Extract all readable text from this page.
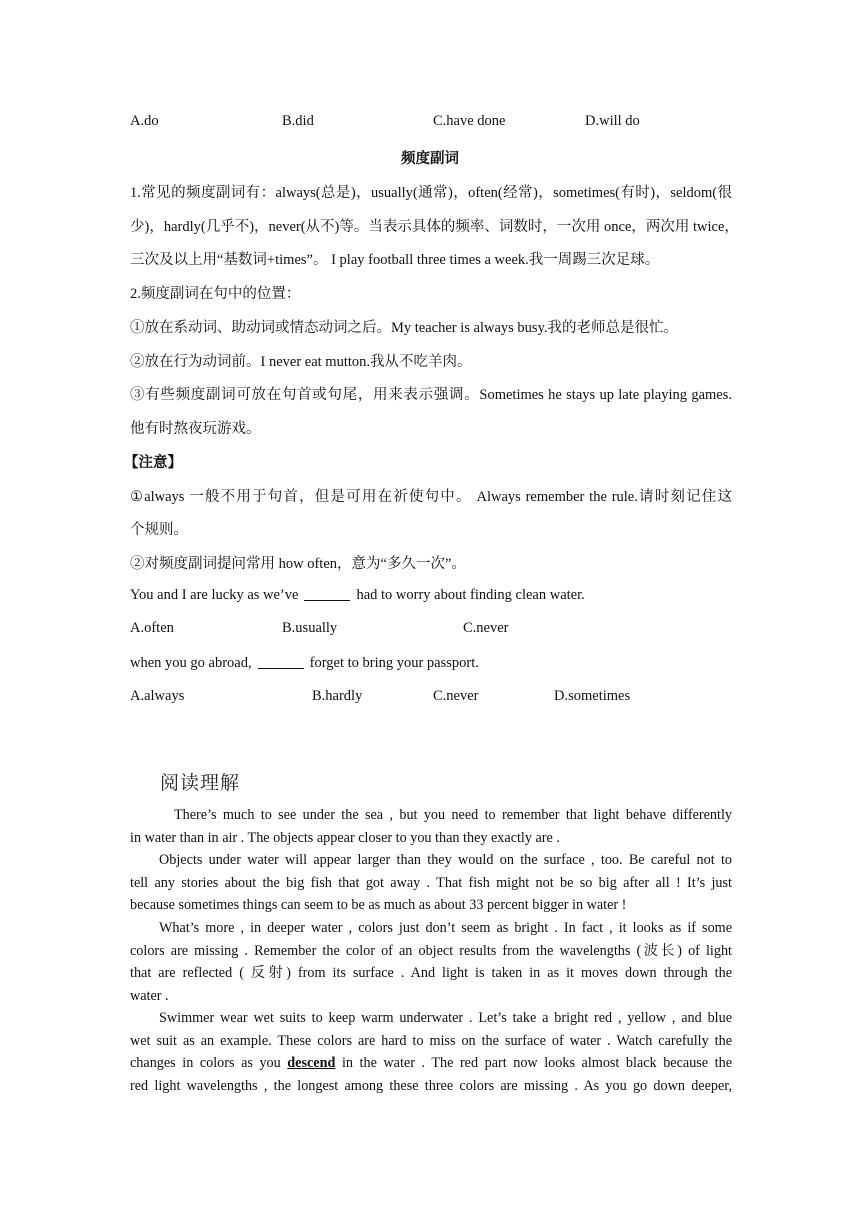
A.do	B.did	C.have done	D.will do
频度副词
1.常见的频度副词有：always(总是)，usually(通常)，often(经常)，sometimes(有时)，seldom(很
少)，hardly(几乎不)，never(从不)等。当表示具体的频率、词数时，一次用 once，两次用 twice，
三次及以上用“基数词+times”。 I play football three times a week.我一周踢三次足球。
2.频度副词在句中的位置：
①放在系动词、助动词或情态动词之后。My teacher is always busy.我的老师总是很忙。
②放在行为动词前。I never eat mutton.我从不吃羊肉。
③有些频度副词可放在句首或句尾，用来表示强调。Sometimes he stays up late playing games.
他有时熬夜玩游戏。
【注意】
①always 一般不用于句首，但是可用在祈使句中。 Always remember the rule.请时刻记住这
个规则。
②对频度副词提问常用 how often，意为“多久一次”。
You and I are lucky as we’ve	had to worry about finding clean water.
A.often	B.usually	C.never
when you go abroad,	forget to bring your passport.
A.always	B.hardly	C.never	D.sometimes
阅读理解
There’s much to see under the sea , but you need to remember that light behave differently
in water than in air . The objects appear closer to you than they exactly are .
Objects under water will appear larger than they would on the surface , too. Be careful not to
tell any stories about the big fish that got away . That fish might not be so big after all ! It’s just
because sometimes things can seem to be as much as about 33 percent bigger in water !
What’s more , in deeper water , colors just don’t seem as bright . In fact , it looks as if some
colors are missing . Remember the color of an object results from the wavelengths (波长) of light
that are reflected ( 反射) from its surface . And light is taken in as it moves down through the
water .
Swimmer wear wet suits to keep warm underwater . Let’s take a bright red , yellow , and blue
wet suit as an example. These colors are hard to miss on the surface of water . Watch carefully the
changes in colors as you descend in the water . The red part now looks almost black because the
red light wavelengths , the longest among these three colors are missing . As you go down deeper,
